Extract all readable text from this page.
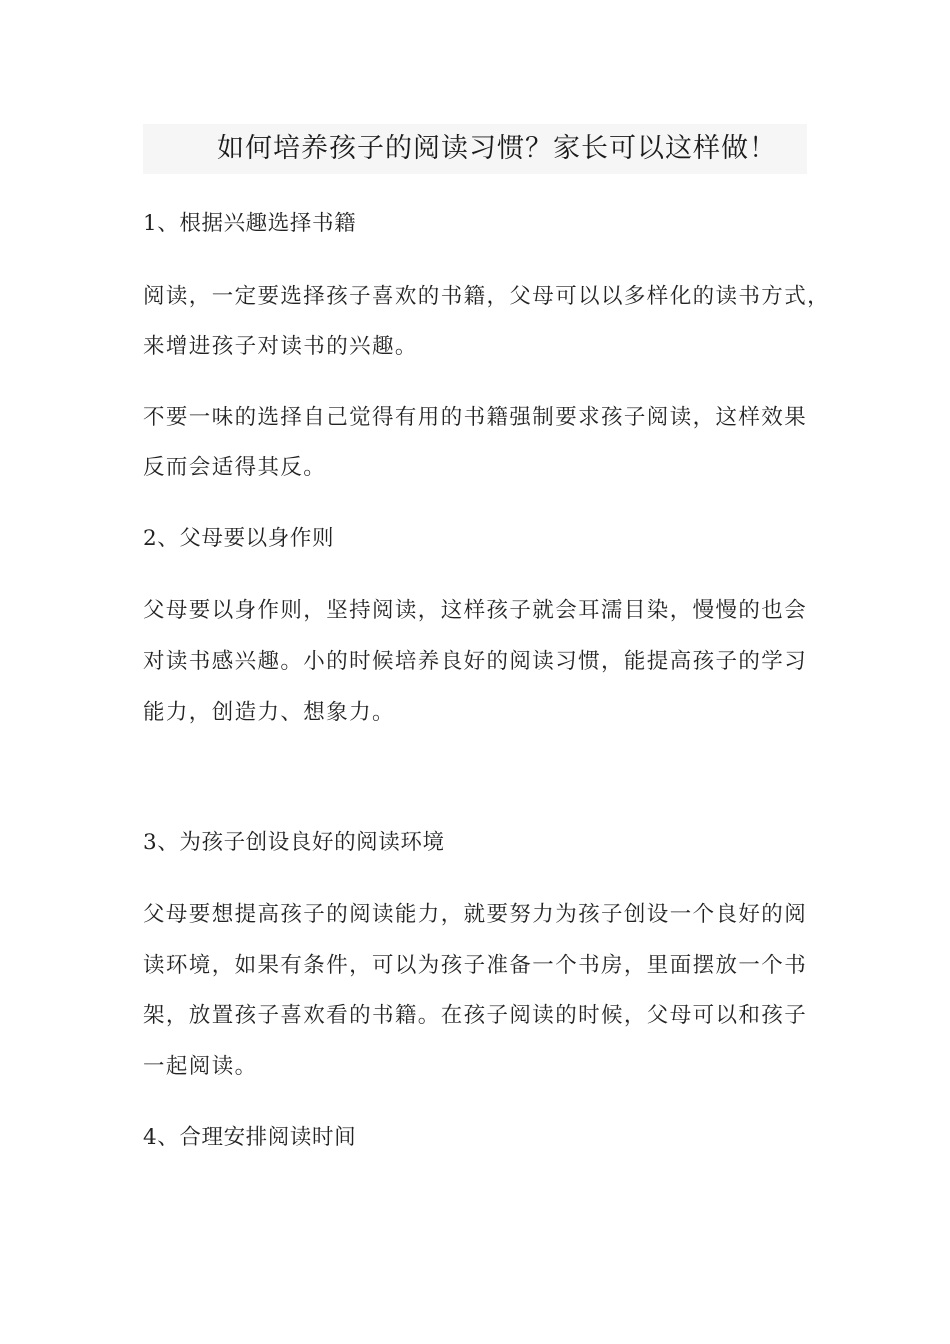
如何培养孩子的阅读习惯？家长可以这样做！
1、根据兴趣选择书籍
阅读，一定要选择孩子喜欢的书籍，父母可以以多样化的读书方式，
来增进孩子对读书的兴趣。
不要一味的选择自己觉得有用的书籍强制要求孩子阅读，这样效果
反而会适得其反。
2、父母要以身作则
父母要以身作则，坚持阅读，这样孩子就会耳濡目染，慢慢的也会
对读书感兴趣。小的时候培养良好的阅读习惯，能提高孩子的学习
能力，创造力、想象力。
3、为孩子创设良好的阅读环境
父母要想提高孩子的阅读能力，就要努力为孩子创设一个良好的阅
读环境，如果有条件，可以为孩子准备一个书房，里面摆放一个书
架，放置孩子喜欢看的书籍。在孩子阅读的时候，父母可以和孩子
一起阅读。
4、合理安排阅读时间
